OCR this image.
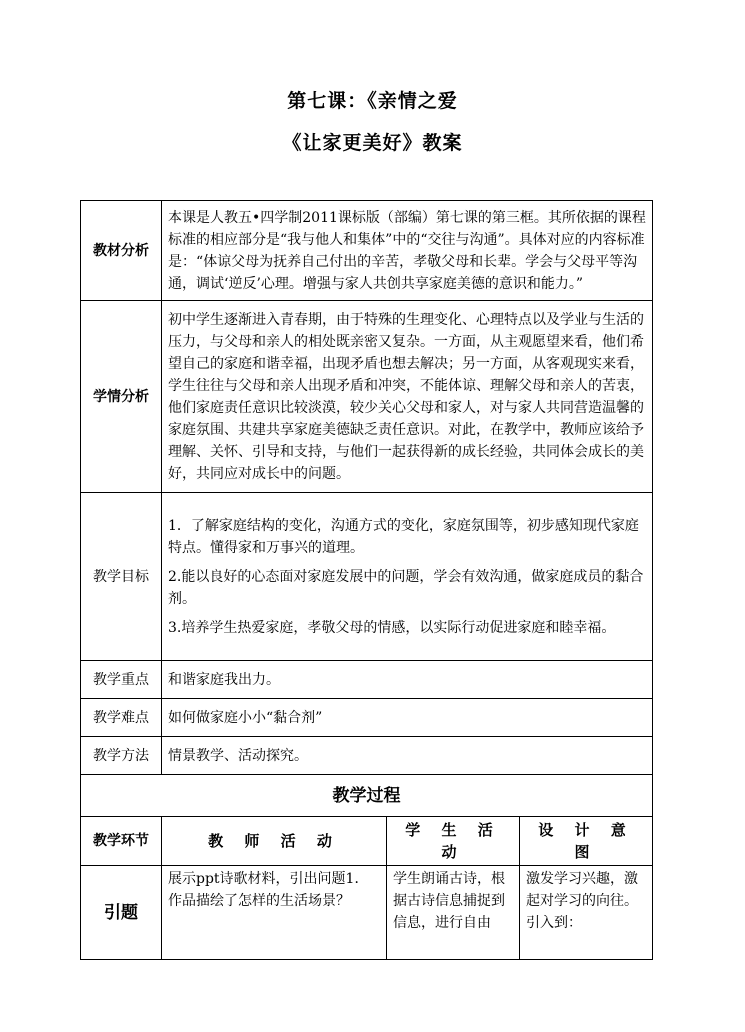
第七课：《亲情之爱
《让家更美好》教案
教材分析	本课是人教五•四学制2011课标版（部编）第七课的第三框。其所依据的课程标准的相应部分是“我与他人和集体”中的“交往与沟通”。具体对应的内容标准是：“体谅父母为抚养自己付出的辛苦，孝敬父母和长辈。学会与父母平等沟通，调试‘逆反’心理。增强与家人共创共享家庭美德的意识和能力。”		
学情分析	初中学生逐渐进入青春期，由于特殊的生理变化、心理特点以及学业与生活的压力，与父母和亲人的相处既亲密又复杂。一方面，从主观愿望来看，他们希望自己的家庭和谐幸福，出现矛盾也想去解决；另一方面，从客观现实来看，学生往往与父母和亲人出现矛盾和冲突，不能体谅、理解父母和亲人的苦衷，他们家庭责任意识比较淡漠，较少关心父母和家人，对与家人共同营造温馨的家庭氛围、共建共享家庭美德缺乏责任意识。对此，在教学中，教师应该给予理解、关怀、引导和支持，与他们一起获得新的成长经验，共同体会成长的美好，共同应对成长中的问题。		
教学目标	1．了解家庭结构的变化，沟通方式的变化，家庭氛围等，初步感知现代家庭特点。懂得家和万事兴的道理。

2.能以良好的心态面对家庭发展中的问题，学会有效沟通，做家庭成员的黏合剂。

3.培养学生热爱家庭，孝敬父母的情感，以实际行动促进家庭和睦幸福。		

教学重点	和谐家庭我出力。		
教学难点	如何做家庭小小“黏合剂”		
教学方法	情景教学、活动探究。		
教学过程			
教学环节	教 师 活 动	学 生 活 动	设 计 意 图
引题	展示ppt诗歌材料，引出问题1．作品描绘了怎样的生活场景？	学生朗诵古诗，根据古诗信息捕捉到信息，进行自由	激发学习兴趣，激起对学习的向往。引入到：
